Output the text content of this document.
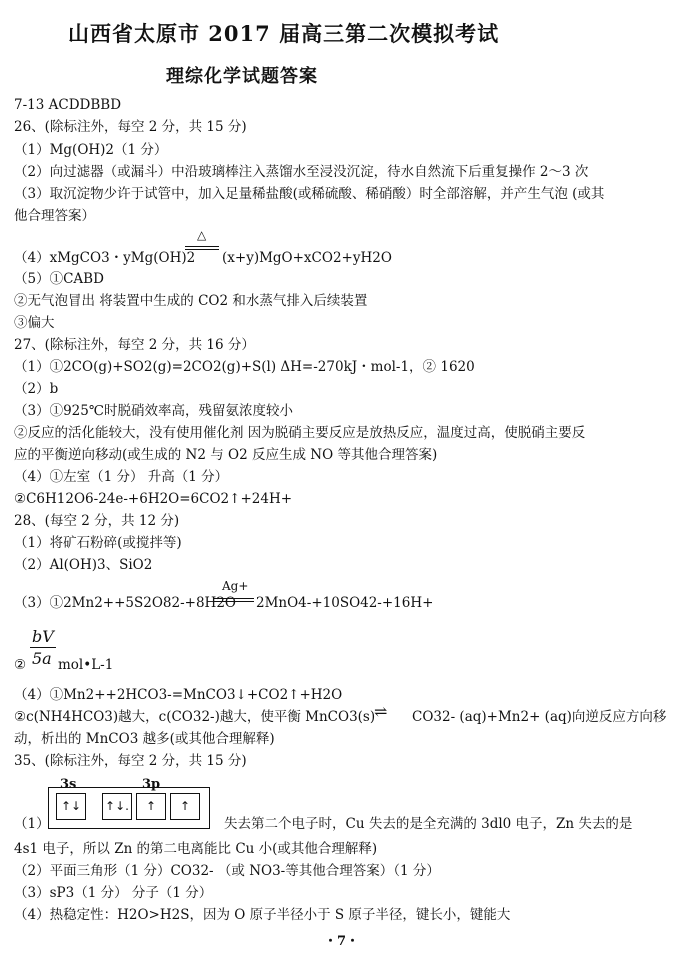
山西省太原市 2017 届高三第二次模拟考试
理综化学试题答案
7-13 ACDDBBD
26、(除标注外，每空 2 分，共 15 分)
（1）Mg(OH)2（1 分）
（2）向过滤器（或漏斗）中沿玻璃棒注入蒸馏水至浸没沉淀，待水自然流下后重复操作 2～3 次
（3）取沉淀物少许于试管中，加入足量稀盐酸(或稀硫酸、稀硝酸）时全部溶解，并产生气泡 (或其
他合理答案）
（4）xMgCO3・yMg(OH)2
△
(x+y)MgO+xCO2+yH2O
（5）①CABD
②无气泡冒出 将装置中生成的 CO2 和水蒸气排入后续装置
③偏大
27、(除标注外，每空 2 分，共 16 分）
（1）①2CO(g)+SO2(g)=2CO2(g)+S(l) ΔH=-270kJ・mol-1，② 1620
（2）b
（3）①925℃时脱硝效率高，残留氨浓度较小
②反应的活化能较大，没有使用催化剂 因为脱硝主要反应是放热反应，温度过高，使脱硝主要反
应的平衡逆向移动(或生成的 N2 与 O2 反应生成 NO 等其他合理答案)
（4）①左室（1 分） 升高（1 分）
②C6H12O6-24e-+6H2O=6CO2↑+24H+
28、(每空 2 分，共 12 分)
（1）将矿石粉碎(或搅拌等)
（2）Al(OH)3、SiO2
（3）①2Mn2++5S2O82-+8H2O
Ag+
2MnO4-+10SO42-+16H+
bV
5a
② mol•L-1
（4）①Mn2++2HCO3-=MnCO3↓+CO2↑+H2O
②c(NH4HCO3)越大，c(CO32-)越大，使平衡 MnCO3(s)
⇌ CO32- (aq)+Mn2+ (aq)向逆反应方向移
动，析出的 MnCO3 越多(或其他合理解释)
35、(除标注外，每空 2 分，共 15 分)
3s	3p
↑↓	↑↓.	↑	↑
（1）	失去第二个电子时，Cu 失去的是全充满的 3dl0 电子，Zn 失去的是
4s1 电子，所以 Zn 的第二电离能比 Cu 小(或其他合理解释)
（2）平面三角形（1 分）CO32- （或 NO3-等其他合理答案）（1 分）
（3）sP3（1 分） 分子（1 分）
（4）热稳定性：H2O>H2S，因为 O 原子半径小于 S 原子半径，键长小，键能大
・7・
